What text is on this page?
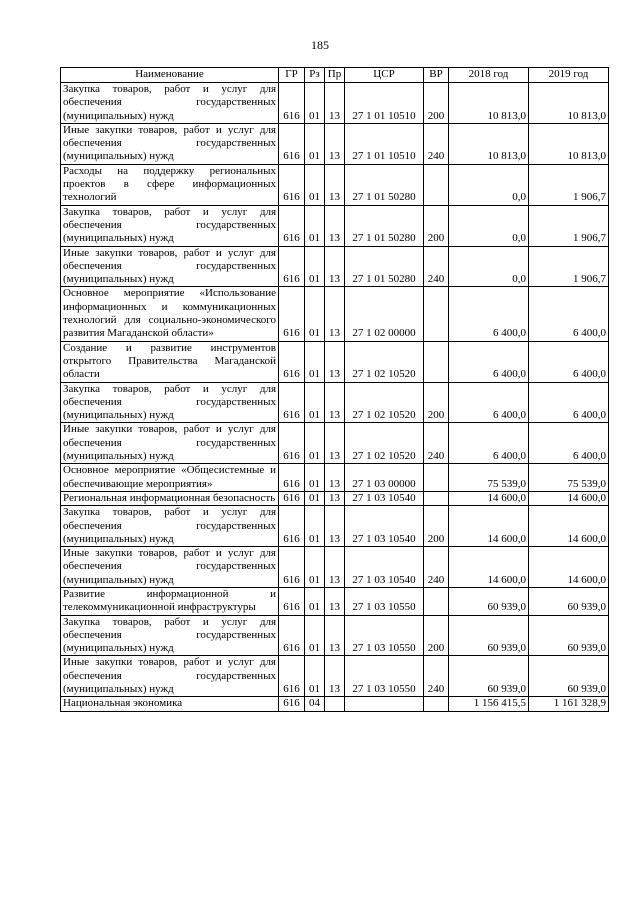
185
Наименование	ГР	Рз	Пр	ЦСР	ВР	2018 год	2019 год
Закупка товаров, работ и услуг для обеспечения государственных (муниципальных) нужд	616	01	13	27 1 01 10510	200	10 813,0	10 813,0
Иные закупки товаров, работ и услуг для обеспечения государственных (муниципальных) нужд	616	01	13	27 1 01 10510	240	10 813,0	10 813,0
Расходы на поддержку региональных проектов в сфере информационных технологий	616	01	13	27 1 01 50280		0,0	1 906,7
Закупка товаров, работ и услуг для обеспечения государственных (муниципальных) нужд	616	01	13	27 1 01 50280	200	0,0	1 906,7
Иные закупки товаров, работ и услуг для обеспечения государственных (муниципальных) нужд	616	01	13	27 1 01 50280	240	0,0	1 906,7
Основное мероприятие «Использование информационных и коммуникационных технологий для социально-экономического развития Магаданской области»	616	01	13	27 1 02 00000		6 400,0	6 400,0
Создание и развитие инструментов открытого Правительства Магаданской области	616	01	13	27 1 02 10520		6 400,0	6 400,0
Закупка товаров, работ и услуг для обеспечения государственных (муниципальных) нужд	616	01	13	27 1 02 10520	200	6 400,0	6 400,0
Иные закупки товаров, работ и услуг для обеспечения государственных (муниципальных) нужд	616	01	13	27 1 02 10520	240	6 400,0	6 400,0
Основное мероприятие «Общесистемные и обеспечивающие мероприятия»	616	01	13	27 1 03 00000		75 539,0	75 539,0
Региональная информационная безопасность	616	01	13	27 1 03 10540		14 600,0	14 600,0
Закупка товаров, работ и услуг для обеспечения государственных (муниципальных) нужд	616	01	13	27 1 03 10540	200	14 600,0	14 600,0
Иные закупки товаров, работ и услуг для обеспечения государственных (муниципальных) нужд	616	01	13	27 1 03 10540	240	14 600,0	14 600,0
Развитие информационной и телекоммуникационной инфраструктуры	616	01	13	27 1 03 10550		60 939,0	60 939,0
Закупка товаров, работ и услуг для обеспечения государственных (муниципальных) нужд	616	01	13	27 1 03 10550	200	60 939,0	60 939,0
Иные закупки товаров, работ и услуг для обеспечения государственных (муниципальных) нужд	616	01	13	27 1 03 10550	240	60 939,0	60 939,0
Национальная экономика	616	04				1 156 415,5	1 161 328,9
